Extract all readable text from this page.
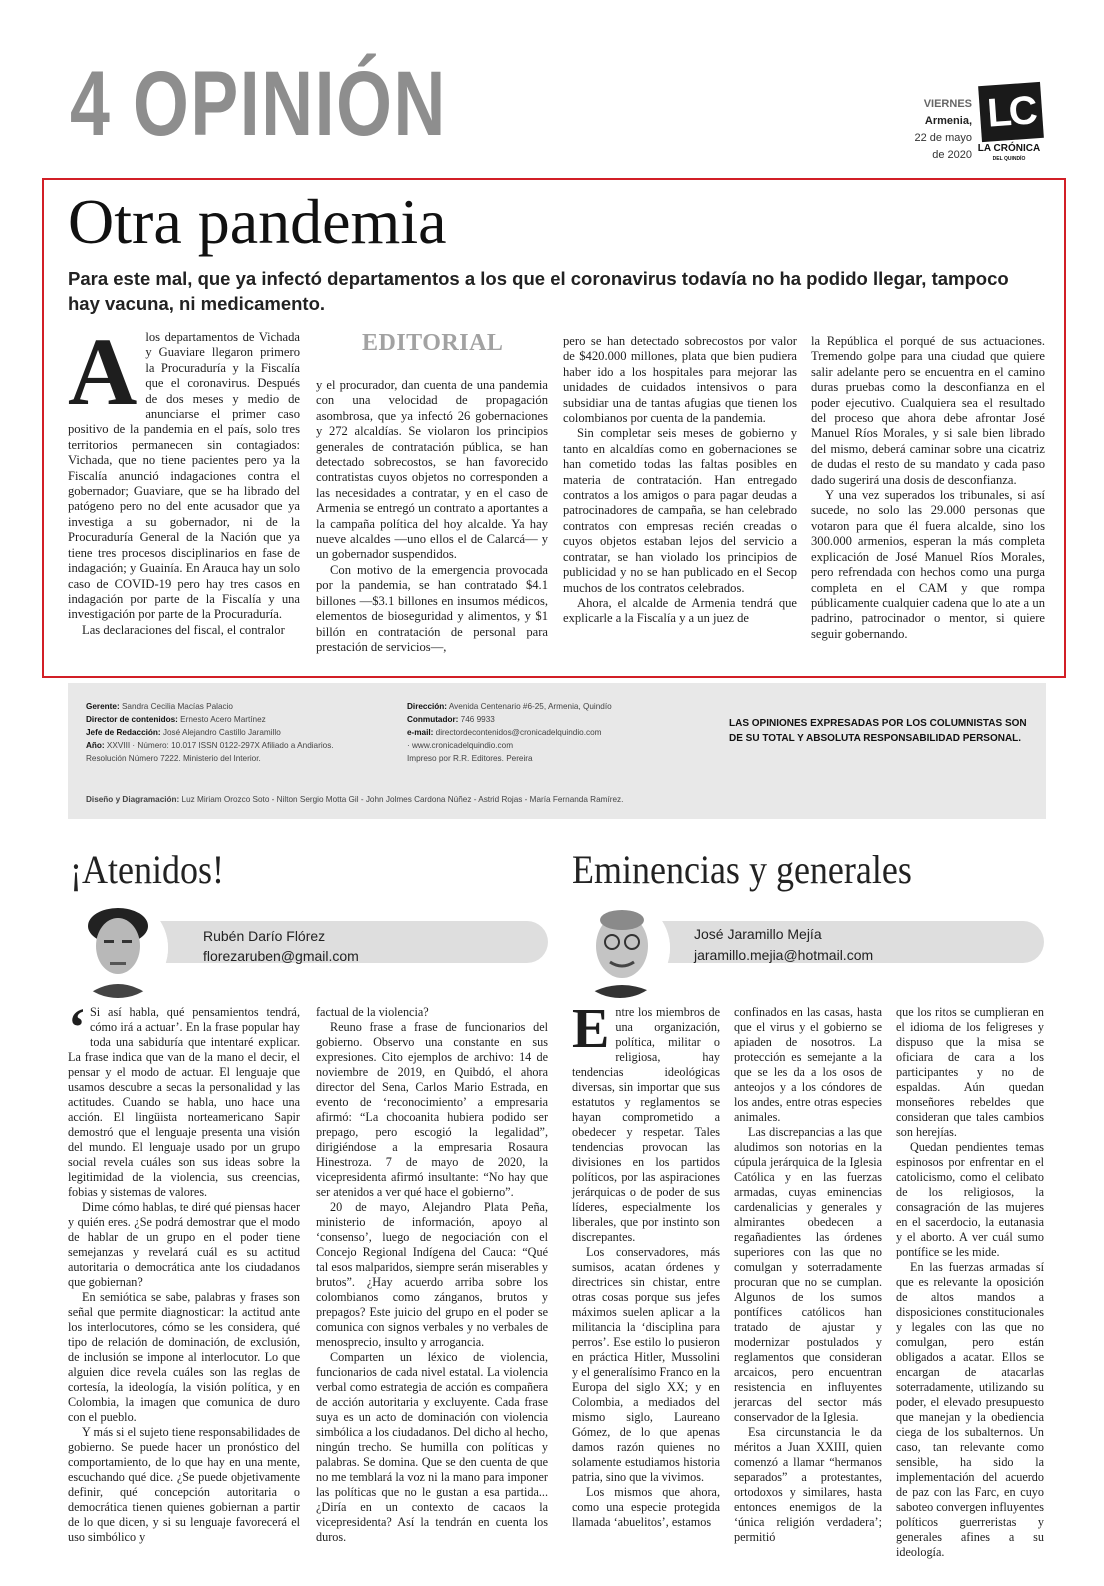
4 OPINIÓN	VIERNES
Armenia,
22 de mayo
de 2020
LC
LA CRÓNICA
DEL QUINDÍO
Otra pandemia
Para este mal, que ya infectó departamentos a los que el coronavirus todavía no ha podido llegar, tampoco hay vacuna, ni medicamento.
EDITORIAL
A los departamentos de Vichada y Guaviare llegaron primero la Procuraduría y la Fiscalía que el coronavirus. Después de dos meses y medio de anunciarse el primer caso positivo de la pandemia en el país, solo tres territorios permanecen sin contagiados: Vichada, que no tiene pacientes pero ya la Fiscalía anunció indagaciones contra el gobernador; Guaviare, que se ha librado del patógeno pero no del ente acusador que ya investiga a su gobernador, ni de la Procuraduría General de la Nación que ya tiene tres procesos disciplinarios en fase de indagación; y Guainía. En Arauca hay un solo caso de COVID-19 pero hay tres casos en indagación por parte de la Fiscalía y una investigación por parte de la Procuraduría.

Las declaraciones del fiscal, el contralor

y el procurador, dan cuenta de una pandemia con una velocidad de propagación asombrosa, que ya infectó 26 gobernaciones y 272 alcaldías. Se violaron los principios generales de contratación pública, se han detectado sobrecostos, se han favorecido contratistas cuyos objetos no corresponden a las necesidades a contratar, y en el caso de Armenia se entregó un contrato a aportantes a la campaña política del hoy alcalde. Ya hay nueve alcaldes —uno ellos el de Calarcá— y un gobernador suspendidos.

Con motivo de la emergencia provocada por la pandemia, se han contratado $4.1 billones —$3.1 billones en insumos médicos, elementos de bioseguridad y alimentos, y $1 billón en contratación de personal para prestación de servicios—,

pero se han detectado sobrecostos por valor de $420.000 millones, plata que bien pudiera haber ido a los hospitales para mejorar las unidades de cuidados intensivos o para subsidiar una de tantas afugias que tienen los colombianos por cuenta de la pandemia.

Sin completar seis meses de gobierno y tanto en alcaldías como en gobernaciones se han cometido todas las faltas posibles en materia de contratación. Han entregado contratos a los amigos o para pagar deudas a patrocinadores de campaña, se han celebrado contratos con empresas recién creadas o cuyos objetos estaban lejos del servicio a contratar, se han violado los principios de publicidad y no se han publicado en el Secop muchos de los contratos celebrados.

Ahora, el alcalde de Armenia tendrá que explicarle a la Fiscalía y a un juez de

la República el porqué de sus actuaciones. Tremendo golpe para una ciudad que quiere salir adelante pero se encuentra en el camino duras pruebas como la desconfianza en el poder ejecutivo. Cualquiera sea el resultado del proceso que ahora debe afrontar José Manuel Ríos Morales, y si sale bien librado del mismo, deberá caminar sobre una cicatriz de dudas el resto de su mandato y cada paso dado sugerirá una dosis de desconfianza.

Y una vez superados los tribunales, si así sucede, no solo las 29.000 personas que votaron para que él fuera alcalde, sino los 300.000 armenios, esperan la más completa explicación de José Manuel Ríos Morales, pero refrendada con hechos como una purga completa en el CAM y que rompa públicamente cualquier cadena que lo ate a un padrino, patrocinador o mentor, si quiere seguir gobernando.

Gerente: Sandra Cecilia Macías Palacio
Director de contenidos: Ernesto Acero Martínez
Jefe de Redacción: José Alejandro Castillo Jaramillo
Año: XXVIII · Número: 10.017 ISSN 0122-297X Afiliado a Andiarios.
Resolución Número 7222. Ministerio del Interior.
Dirección: Avenida Centenario #6-25, Armenia, Quindío
Conmutador: 746 9933
e-mail: directordecontenidos@cronicadelquindio.com
· www.cronicadelquindio.com
Impreso por R.R. Editores. Pereira
LAS OPINIONES EXPRESADAS POR LOS COLUMNISTAS SON DE SU TOTAL Y ABSOLUTA RESPONSABILIDAD PERSONAL.
Diseño y Diagramación: Luz Miriam Orozco Soto - Nilton Sergio Motta Gil - John Jolmes Cardona Núñez - Astrid Rojas - María Fernanda Ramírez.
¡Atenidos!
Rubén Darío Flórez
florezaruben@gmail.com
‘ Si así habla, qué pensamientos tendrá, cómo irá a actuar’. En la frase popular hay toda una sabiduría que intentaré explicar. La frase indica que van de la mano el decir, el pensar y el modo de actuar. El lenguaje que usamos descubre a secas la personalidad y las actitudes. Cuando se habla, uno hace una acción. El lingüista norteamericano Sapir demostró que el lenguaje presenta una visión del mundo. El lenguaje usado por un grupo social revela cuáles son sus ideas sobre la legitimidad de la violencia, sus creencias, fobias y sistemas de valores.

Dime cómo hablas, te diré qué piensas hacer y quién eres. ¿Se podrá demostrar que el modo de hablar de un grupo en el poder tiene semejanzas y revelará cuál es su actitud autoritaria o democrática ante los ciudadanos que gobiernan?

En semiótica se sabe, palabras y frases son señal que permite diagnosticar: la actitud ante los interlocutores, cómo se les considera, qué tipo de relación de dominación, de exclusión, de inclusión se impone al interlocutor. Lo que alguien dice revela cuáles son las reglas de cortesía, la ideología, la visión política, y en Colombia, la imagen que comunica de duro con el pueblo.

Y más si el sujeto tiene responsabilidades de gobierno. Se puede hacer un pronóstico del comportamiento, de lo que hay en una mente, escuchando qué dice. ¿Se puede objetivamente definir, qué concepción autoritaria o democrática tienen quienes gobiernan a partir de lo que dicen, y si su lenguaje favorecerá el uso simbólico y

factual de la violencia?

Reuno frase a frase de funcionarios del gobierno. Observo una constante en sus expresiones. Cito ejemplos de archivo: 14 de noviembre de 2019, en Quibdó, el ahora director del Sena, Carlos Mario Estrada, en evento de ‘reconocimiento’ a empresaria afirmó: “La chocoanita hubiera podido ser prepago, pero escogió la legalidad”, dirigiéndose a la empresaria Rosaura Hinestroza. 7 de mayo de 2020, la vicepresidenta afirmó insultante: “No hay que ser atenidos a ver qué hace el gobierno”.

20 de mayo, Alejandro Plata Peña, ministerio de información, apoyo al ‘consenso’, luego de negociación con el Concejo Regional Indígena del Cauca: “Qué tal esos malparidos, siempre serán miserables y brutos”. ¿Hay acuerdo arriba sobre los colombianos como zánganos, brutos y prepagos? Este juicio del grupo en el poder se comunica con signos verbales y no verbales de menosprecio, insulto y arrogancia.

Comparten un léxico de violencia, funcionarios de cada nivel estatal. La violencia verbal como estrategia de acción es compañera de acción autoritaria y excluyente. Cada frase suya es un acto de dominación con violencia simbólica a los ciudadanos. Del dicho al hecho, ningún trecho. Se humilla con políticas y palabras. Se domina. Que se den cuenta de que no me temblará la voz ni la mano para imponer las políticas que no le gustan a esa partida... ¿Diría en un contexto de cacaos la vicepresidenta? Así la tendrán en cuenta los duros.

Eminencias y generales
José Jaramillo Mejía
jaramillo.mejia@hotmail.com
E ntre los miembros de una organización, política, militar o religiosa, hay tendencias ideológicas diversas, sin importar que sus estatutos y reglamentos se hayan comprometido a obedecer y respetar. Tales tendencias provocan las divisiones en los partidos políticos, por las aspiraciones jerárquicas o de poder de sus líderes, especialmente los liberales, que por instinto son discrepantes.

Los conservadores, más sumisos, acatan órdenes y directrices sin chistar, entre otras cosas porque sus jefes máximos suelen aplicar a la militancia la ‘disciplina para perros’. Ese estilo lo pusieron en práctica Hitler, Mussolini y el generalísimo Franco en la Europa del siglo XX; y en Colombia, a mediados del mismo siglo, Laureano Gómez, de lo que apenas damos razón quienes no solamente estudiamos historia patria, sino que la vivimos.

Los mismos que ahora, como una especie protegida llamada ‘abuelitos’, estamos

confinados en las casas, hasta que el virus y el gobierno se apiaden de nosotros. La protección es semejante a la que se les da a los osos de anteojos y a los cóndores de los andes, entre otras especies animales.

Las discrepancias a las que aludimos son notorias en la cúpula jerárquica de la Iglesia Católica y en las fuerzas armadas, cuyas eminencias cardenalicias y generales y almirantes obedecen a regañadientes las órdenes superiores con las que no comulgan y soterradamente procuran que no se cumplan. Algunos de los sumos pontífices católicos han tratado de ajustar y modernizar postulados y reglamentos que consideran arcaicos, pero encuentran resistencia en influyentes jerarcas del sector más conservador de la Iglesia.

Esa circunstancia le da méritos a Juan XXIII, quien comenzó a llamar “hermanos separados” a protestantes, ortodoxos y similares, hasta entonces enemigos de la ‘única religión verdadera’; permitió

que los ritos se cumplieran en el idioma de los feligreses y dispuso que la misa se oficiara de cara a los participantes y no de espaldas. Aún quedan monseñores rebeldes que consideran que tales cambios son herejías.

Quedan pendientes temas espinosos por enfrentar en el catolicismo, como el celibato de los religiosos, la consagración de las mujeres en el sacerdocio, la eutanasia y el aborto. A ver cuál sumo pontífice se les mide.

En las fuerzas armadas sí que es relevante la oposición de altos mandos a disposiciones constitucionales y legales con las que no comulgan, pero están obligados a acatar. Ellos se encargan de atacarlas soterradamente, utilizando su poder, el elevado presupuesto que manejan y la obediencia ciega de los subalternos. Un caso, tan relevante como sensible, ha sido la implementación del acuerdo de paz con las Farc, en cuyo saboteo convergen influyentes políticos guerreristas y generales afines a su ideología.
